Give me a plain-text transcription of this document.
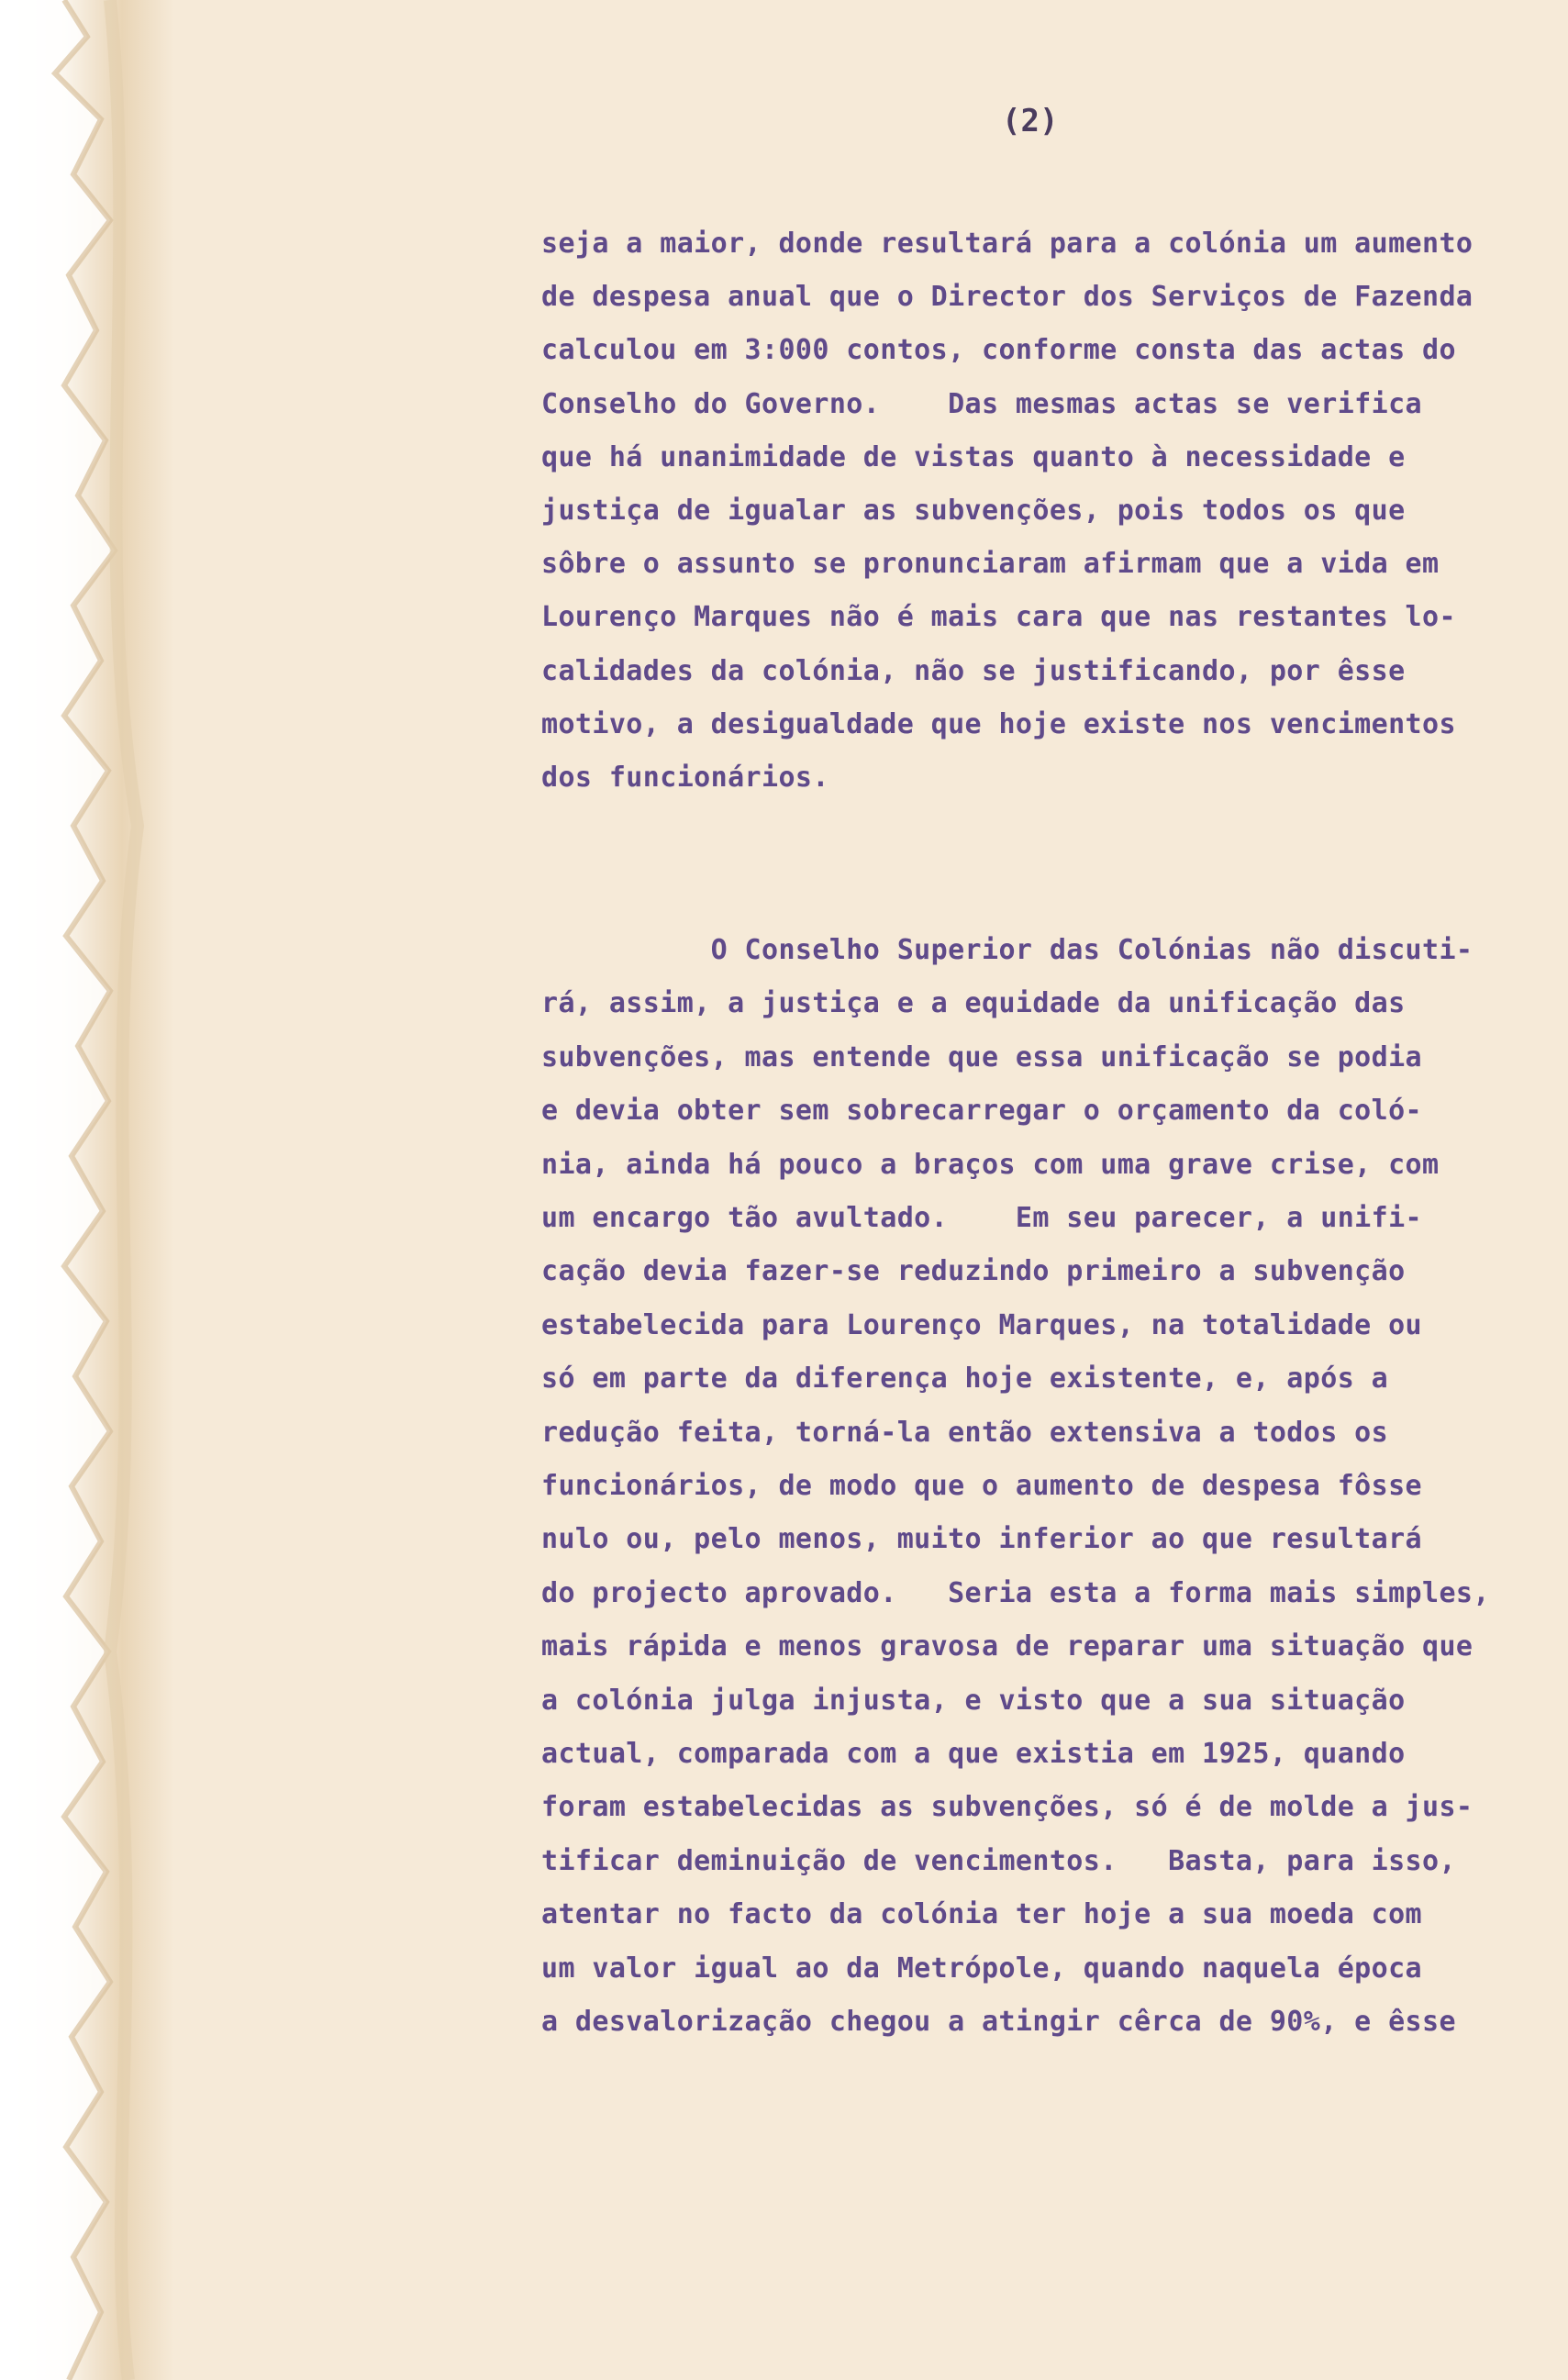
(2)
seja a maior, donde resultará para a colónia um aumento
de despesa anual que o Director dos Serviços de Fazenda
calculou em 3:000 contos, conforme consta das actas do
Conselho do Governo.    Das mesmas actas se verifica
que há unanimidade de vistas quanto à necessidade e
justiça de igualar as subvenções, pois todos os que
sôbre o assunto se pronunciaram afirmam que a vida em
Lourenço Marques não é mais cara que nas restantes lo-
calidades da colónia, não se justificando, por êsse
motivo, a desigualdade que hoje existe nos vencimentos
dos funcionários.
O Conselho Superior das Colónias não discuti-
rá, assim, a justiça e a equidade da unificação das
subvenções, mas entende que essa unificação se podia
e devia obter sem sobrecarregar o orçamento da coló-
nia, ainda há pouco a braços com uma grave crise, com
um encargo tão avultado.    Em seu parecer, a unifi-
cação devia fazer-se reduzindo primeiro a subvenção
estabelecida para Lourenço Marques, na totalidade ou
só em parte da diferença hoje existente, e, após a
redução feita, torná-la então extensiva a todos os
funcionários, de modo que o aumento de despesa fôsse
nulo ou, pelo menos, muito inferior ao que resultará
do projecto aprovado.   Seria esta a forma mais simples,
mais rápida e menos gravosa de reparar uma situação que
a colónia julga injusta, e visto que a sua situação
actual, comparada com a que existia em 1925, quando
foram estabelecidas as subvenções, só é de molde a jus-
tificar deminuição de vencimentos.   Basta, para isso,
atentar no facto da colónia ter hoje a sua moeda com
um valor igual ao da Metrópole, quando naquela época
a desvalorização chegou a atingir cêrca de 90%, e êsse
